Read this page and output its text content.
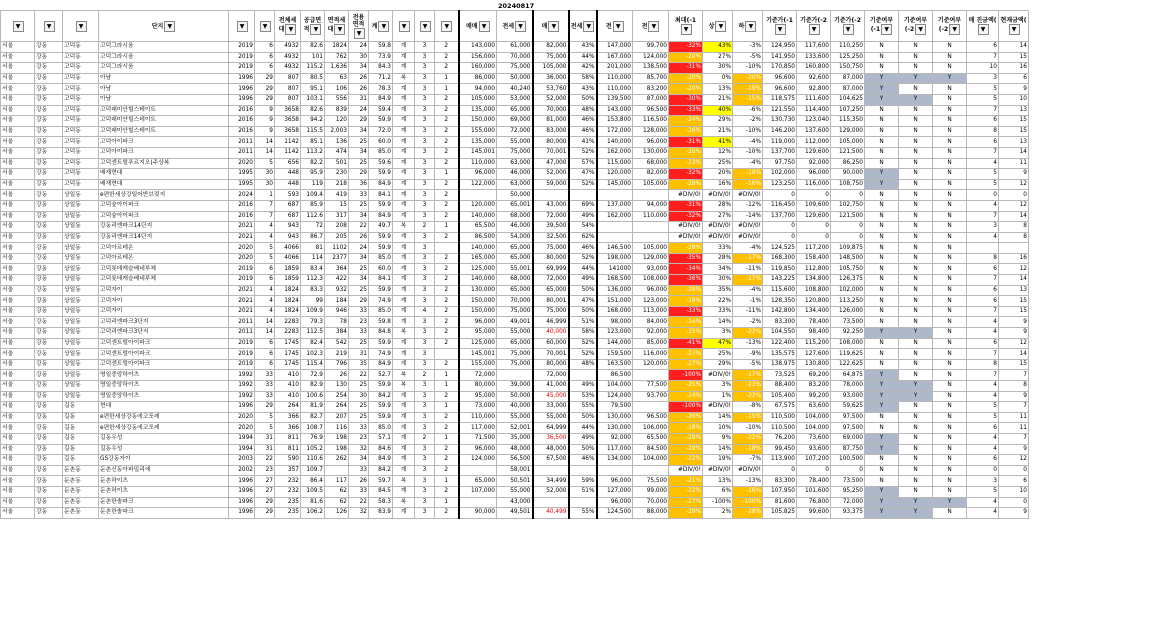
20240817
▼	▼	▼	단지 ▼	▼	▼	전체세대 ▼	공급면적 ▼	면적세대 ▼	전용면적▼	계 ▼	▼	▼	▼	매매 ▼	전세 ▼	매 ▼	전세 ▼	전 ▼	전 ▼	최대(-1▼	상 ▼	하 ▼	기준가(-1▼	기준가(-2▼	기준가(-2▼	기준여부(-1 ▼	기준여부(-2 ▼	기준여부(-2 ▼	매 진금액(▼	현재금액(▼
서울	강동	고덕동	고덕그라시움	2019	6	4932	82.6	1824	24	59.8	계	3	2	143,000	61,000	82,000	43%	147,000	99,700	-32%	43%	-3%	124,950	117,600	110,250	N	N	N	6	14
서울	강동	고덕동	고덕그라시움	2019	6	4932	101	762	30	73.9	계	3	2	156,000	70,000	75,000	44%	167,000	124,000	-20%	27%	-5%	141,950	133,600	125,250	N	N	N	7	15
서울	강동	고덕동	고덕그라시움	2019	6	4932	115.2	1,636	34	84.3	계	3	2	160,000	75,000	105,000	42%	201,000	138,500	-31%	30%	-10%	170,850	160,800	150,750	N	N	N	10	16
서울	강동	고덕동	아남	1996	29	807	80.5	63	26	71.2	복	3	1	86,000	50,000	36,000	58%	110,000	85,700	-20%	0%	-20%	96,600	92,600	87,000	Y	Y	Y	3	6
서울	강동	고덕동	아남	1996	29	807	95.1	106	26	78.3	계	3	1	94,000	40,240	53,760	43%	110,000	83,200	-20%	13%	-19%	96,600	92,800	87,000	Y	N	N	5	9
서울	강동	고덕동	아남	1996	29	807	103.1	556	31	84.9	계	3	2	105,000	53,000	52,000	50%	139,500	87,000	-30%	21%	-15%	118,575	111,600	104,625	Y	Y	N	5	10
서울	강동	고덕동	고덕래미안힐스테이트	2016	9	3658	82.6	839	24	59.4	계	3	2	135,000	65,000	70,000	48%	143,000	96,500	-33%	40%	-6%	121,550	114,400	107,250	N	N	N	7	13
서울	강동	고덕동	고덕래미안힐스테이트	2016	9	3658	94.2	120	29	59.9	계	3	2	150,000	69,000	81,000	46%	153,800	116,500	-24%	29%	-2%	130,730	123,040	115,350	N	N	N	6	15
서울	강동	고덕동	고덕래미안힐스테이트	2016	9	3658	115.5	2,003	34	72.0	계	3	2	155,000	72,000	83,000	46%	172,000	128,000	-26%	21%	-10%	146,200	137,600	129,000	N	N	N	8	15
서울	강동	고덕동	고덕아이파크	2011	14	1142	85.1	136	25	60.0	계	3	2	135,000	55,000	80,000	41%	140,000	96,000	-31%	41%	-4%	119,000	112,000	105,000	N	N	N	6	13
서울	강동	고덕동	고덕아이파크	2011	14	1142	113.2	474	34	85.0	계	3	2	145,001	75,000	70,001	52%	162,000	130,000	-20%	12%	-10%	137,700	129,600	121,500	N	N	N	7	14
서울	강동	고덕동	고덕센트럴푸르지오(주상복	2020	5	656	82.2	501	25	59.6	계	3	2	110,000	63,000	47,000	57%	115,000	68,000	-23%	25%	-4%	97,750	92,000	86,250	N	N	N	4	11
서울	강동	고덕동	배재현대	1995	30	448	95.9	230	29	59.9	계	3	1	96,000	46,000	52,000	47%	120,000	82,000	-32%	20%	-18%	102,000	96,000	90,000	Y	N	N	5	9
서울	강동	고덕동	배재현대	1995	30	448	119	218	36	84.9	계	3	2	122,000	63,000	59,000	52%	145,000	105,000	-28%	16%	-16%	123,250	116,000	108,750	Y	N	N	5	12
서울	강동	상일동	e편한세상강일어반브릿지	2024	1	593	109.4	419	33	84.1	계	3	2		50,000					#DIV/0!	#DIV/0!	#DIV/0!	0	0	0	N	N	N	0	0
서울	강동	상일동	고덕숲아이파크	2016	7	687	85.9	15	25	59.9	계	3	2	120,000	65,001	43,000	69%	137,000	94,000	-31%	28%	-12%	116,450	109,600	102,750	N	N	N	4	12
서울	강동	상일동	고덕숲아이파크	2016	7	687	112.6	317	34	84.9	계	3	2	140,000	68,000	72,000	49%	162,000	110,000	-32%	27%	-14%	137,700	129,600	121,500	N	N	N	7	14
서울	강동	상일동	강동리엔파크14단지	2021	4	943	72	208	22	49.7	복	2	1	65,500	46,000	39,500	54%			#DIV/0!	#DIV/0!	#DIV/0!	0	0	0	N	N	N	3	8
서울	강동	상일동	강동리엔파크14단지	2021	4	943	86.7	205	26	59.9	계	3	2	86,500	54,000	32,500	62%			#DIV/0!	#DIV/0!	#DIV/0!	0	0	0	N	N	N	4	8
서울	강동	상일동	고덕아르테온	2020	5	4066	81	1102	24	59.9	계	3		140,000	65,000	75,000	46%	146,500	105,000	-28%	33%	-4%	124,525	117,200	109,875	N	N	N		
서울	강동	상일동	고덕아르테온	2020	5	4066	114	2377	34	85.0	계	3	2	165,000	65,000	80,000	52%	198,000	129,000	-35%	28%	-17%	168,300	158,400	148,500	N	N	N	8	16
서울	강동	상일동	고덕롯데캐슬베네루체	2019	6	1859	83.4	364	25	60.0	계	3	2	125,000	55,001	69,999	44%	141000	93,000	-34%	34%	-11%	119,850	112,800	105,750	N	N	N	6	12
서울	강동	상일동	고덕롯데캐슬베네루체	2019	6	1859	112.3	422	34	84.1	계	3	2	140,000	68,000	72,000	49%	168,500	108,000	-36%	30%	-17%	143,225	134,800	126,375	N	N	N	7	14
서울	강동	상일동	고덕자이	2021	4	1824	83.3	932	25	59.9	계	3	2	130,000	65,000	65,000	50%	136,000	96,000	-29%	35%	-4%	115,600	108,800	102,000	N	N	N	6	13
서울	강동	상일동	고덕자이	2021	4	1824	99	184	29	74.9	계	3	2	150,000	70,000	80,001	47%	151,000	123,000	-19%	22%	-1%	128,350	120,800	113,250	N	N	N	6	15
서울	강동	상일동	고덕자이	2021	4	1824	109.9	946	33	85.0	계	4	2	150,000	75,000	75,000	50%	168,000	113,000	-33%	33%	-11%	142,800	134,400	126,000	N	N	N	7	15
서울	강동	상일동	고덕리엔파크3단지	2011	14	2283	79.3	78	23	59.8	계	3	2	96,000	49,001	46,999	51%	98,000	84,000	-14%	14%	-2%	83,300	78,400	73,500	N	N	N	4	9
서울	강동	상일동	고덕리엔파크3단지	2011	14	2283	112.5	384	33	84.8	복	3	2	95,000	55,000	40,000	58%	123,000	92,000	-25%	3%	-23%	104,550	98,400	92,250	Y	Y	N	4	9
서울	강동	상일동	고덕센트럴아이파크	2019	6	1745	82.4	542	25	59.9	계	3	2	125,000	65,000	60,000	52%	144,000	85,000	-41%	47%	-13%	122,400	115,200	108,000	N	N	N	6	12
서울	강동	상일동	고덕센트럴아이파크	2019	6	1745	102.3	219	31	74.9	계	3		145,001	75,000	70,001	52%	159,500	116,000	-27%	25%	-9%	135,575	127,600	119,625	N	N	N	7	14
서울	강동	상일동	고덕센트럴아이파크	2019	6	1745	115.4	796	35	84.9	계	3	2	155,000	75,000	80,000	48%	163,500	120,000	-27%	29%	-5%	138,975	130,800	122,625	N	N	N	8	15
서울	강동	상일동	명일중앙하이츠	1992	33	410	72.9	26	22	52.7	복	2	1	72,000		72,000		86,500		-100%	#DIV/0!	-17%	73,525	69,200	64,875	Y	N	N	7	7
서울	강동	상일동	명일중앙하이츠	1992	33	410	82.9	130	25	59.9	복	3	1	80,000	39,000	41,000	49%	104,000	77,500	-25%	3%	-23%	88,400	83,200	78,000	Y	Y	N	4	8
서울	강동	상일동	명일중앙하이츠	1992	33	410	100.6	254	30	84.2	계	3	2	95,000	50,000	45,000	53%	124,000	93,700	-24%	1%	-23%	105,400	99,200	93,000	Y	Y	N	4	9
서울	강동	길동	현대	1996	29	264	81.9	264	25	59.9	계	3	1	73,000	40,000	33,000	55%	79,500		-100%	#DIV/0!	-8%	67,575	63,600	59,625	Y	N	N	5	7
서울	강동	길동	e편한세상강동에코포레	2020	5	366	82.7	207	25	59.9	계	3	2	110,000	55,000	55,000	50%	130,000	96,500	-26%	14%	-15%	110,500	104,000	97,500	N	N	N	5	11
서울	강동	길동	e편한세상강동에코포레	2020	5	366	108.7	116	33	85.0	계	3	2	117,000	52,001	64,999	44%	130,000	106,000	-18%	10%	-10%	110,500	104,000	97,500	N	N	N	6	11
서울	강동	길동	길동우성	1994	31	811	76.9	198	23	57.1	계	2	1	71,500	35,000	36,500	49%	92,000	65,500	-29%	9%	-22%	76,200	73,600	69,000	Y	N	N	4	7
서울	강동	길동	길동우성	1994	31	811	105.2	198	32	84.6	계	3	2	96,000	48,000	48,000	50%	117,000	84,500	-28%	14%	-18%	99,450	93,600	87,750	Y	N	N	4	9
서울	강동	길동	GS강동자이	2003	22	590	110.6	262	34	84.9	계	3	2	124,000	56,500	67,500	46%	134,000	104,000	-22%	19%	-7%	113,900	107,200	100,500	N	N	N	6	12
서울	강동	둔촌동	둔촌신동아파밀리에	2002	23	357	109.7		33	84.2	계	3	2		58,001					#DIV/0!	#DIV/0!	#DIV/0!	0	0	0	N	N	N	0	0
서울	강동	둔촌동	둔촌하이츠	1996	27	232	86.4	117	26	59.7	복	3	1	65,000	50,501	34,499	59%	96,000	75,500	-21%	13%	-13%	83,300	78,400	73,500	N	N	N	3	6
서울	강동	둔촌동	둔촌하이츠	1996	27	232	109.5	62	33	84.5	계	3	2	107,000	55,000	52,000	51%	127,000	99,000	-22%	6%	-16%	107,950	101,600	95,250	Y	N	N	5	10
서울	강동	둔촌동	둔촌한솔파크	1996	29	235	81.6	62	22	58.3	복	3	1		43,000			96,000	70,000	-27%	-100%	-100%	81,600	76,800	72,000	Y	Y	Y	4	0
서울	강동	둔촌동	둔촌한솔파크	1996	29	235	106.2	126	32	83.9	계	3	2	90,000	49,501	40,499	55%	124,500	88,000	-29%	2%	-28%	105,825	99,600	93,375	Y	Y	N	4	9
